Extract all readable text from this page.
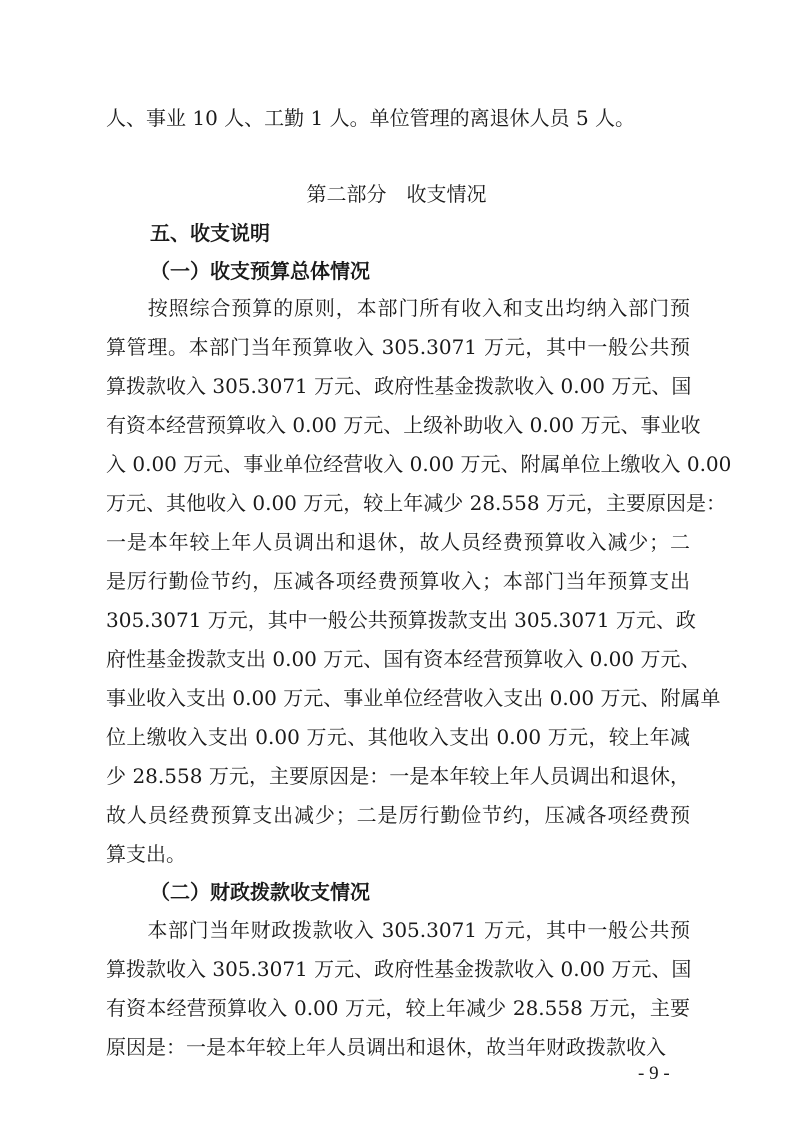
人、事业 10 人、工勤 1 人。单位管理的离退休人员 5 人。
第二部分　收支情况
五、收支说明
（一）收支预算总体情况
　　按照综合预算的原则，本部门所有收入和支出均纳入部门预
算管理。本部门当年预算收入 305.3071 万元，其中一般公共预
算拨款收入 305.3071 万元、政府性基金拨款收入 0.00 万元、国
有资本经营预算收入 0.00 万元、上级补助收入 0.00 万元、事业收
入 0.00 万元、事业单位经营收入 0.00 万元、附属单位上缴收入 0.00
万元、其他收入 0.00 万元，较上年减少 28.558 万元，主要原因是：
一是本年较上年人员调出和退休，故人员经费预算收入减少；二
是厉行勤俭节约，压减各项经费预算收入；本部门当年预算支出
305.3071 万元，其中一般公共预算拨款支出 305.3071 万元、政
府性基金拨款支出 0.00 万元、国有资本经营预算收入 0.00 万元、
事业收入支出 0.00 万元、事业单位经营收入支出 0.00 万元、附属单
位上缴收入支出 0.00 万元、其他收入支出 0.00 万元，较上年减
少 28.558 万元，主要原因是：一是本年较上年人员调出和退休，
故人员经费预算支出减少；二是厉行勤俭节约，压减各项经费预
算支出。
（二）财政拨款收支情况
　　本部门当年财政拨款收入 305.3071 万元，其中一般公共预
算拨款收入 305.3071 万元、政府性基金拨款收入 0.00 万元、国
有资本经营预算收入 0.00 万元，较上年减少 28.558 万元，主要
原因是：一是本年较上年人员调出和退休，故当年财政拨款收入
- 9 -
